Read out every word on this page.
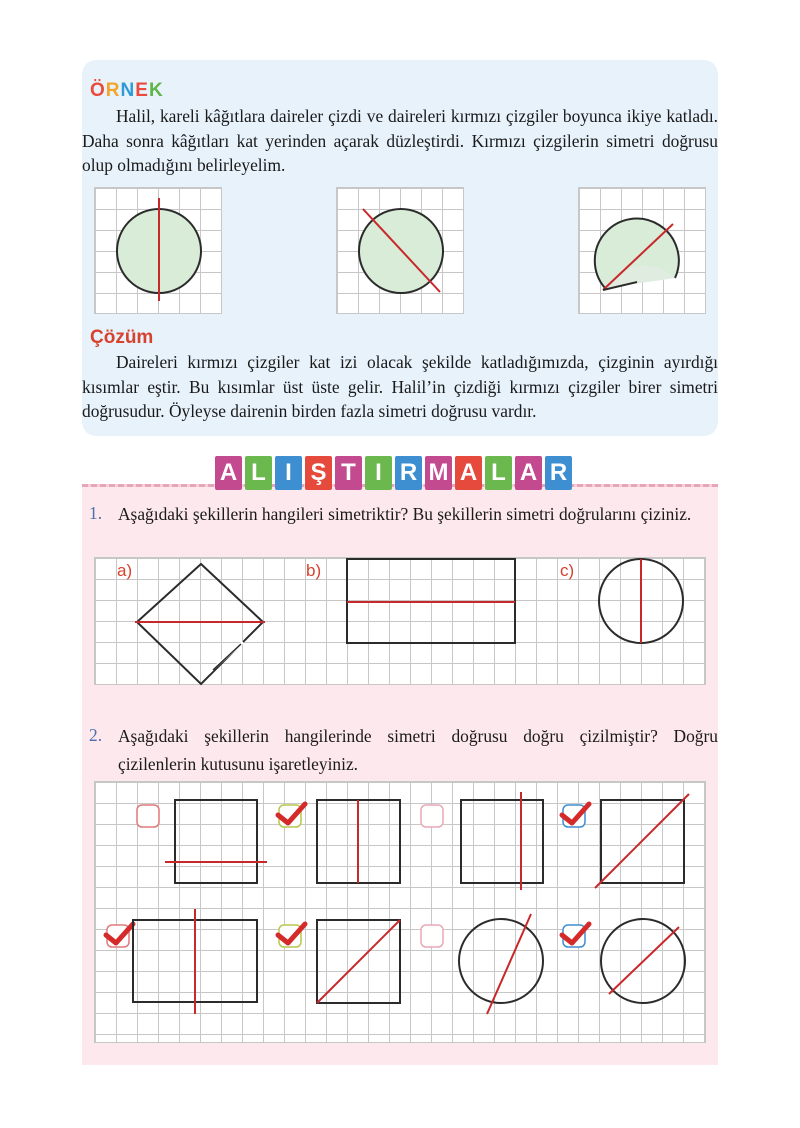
ÖRNEK

Halil, kareli kâğıtlara daireler çizdi ve daireleri kırmızı çizgiler boyunca ikiye katladı. Daha sonra kâğıtları kat yerinden açarak düzleştirdi. Kırmızı çizgilerin simetri doğrusu olup olmadığını belirleyelim.

Çözüm

Daireleri kırmızı çizgiler kat izi olacak şekilde katladığımızda, çizginin ayırdığı kısımlar eştir. Bu kısımlar üst üste gelir. Halil’in çizdiği kırmızı çizgiler birer simetri doğrusudur. Öyleyse dairenin birden fazla simetri doğrusu vardır.

A L I Ş T I R M A L A R
1. Aşağıdaki şekillerin hangileri simetriktir? Bu şekillerin simetri doğrularını çiziniz.

a)	b)	c)
2. Aşağıdaki şekillerin hangilerinde simetri doğrusu doğru çizilmiştir? Doğru çizilenlerin kutusunu işaretleyiniz.
